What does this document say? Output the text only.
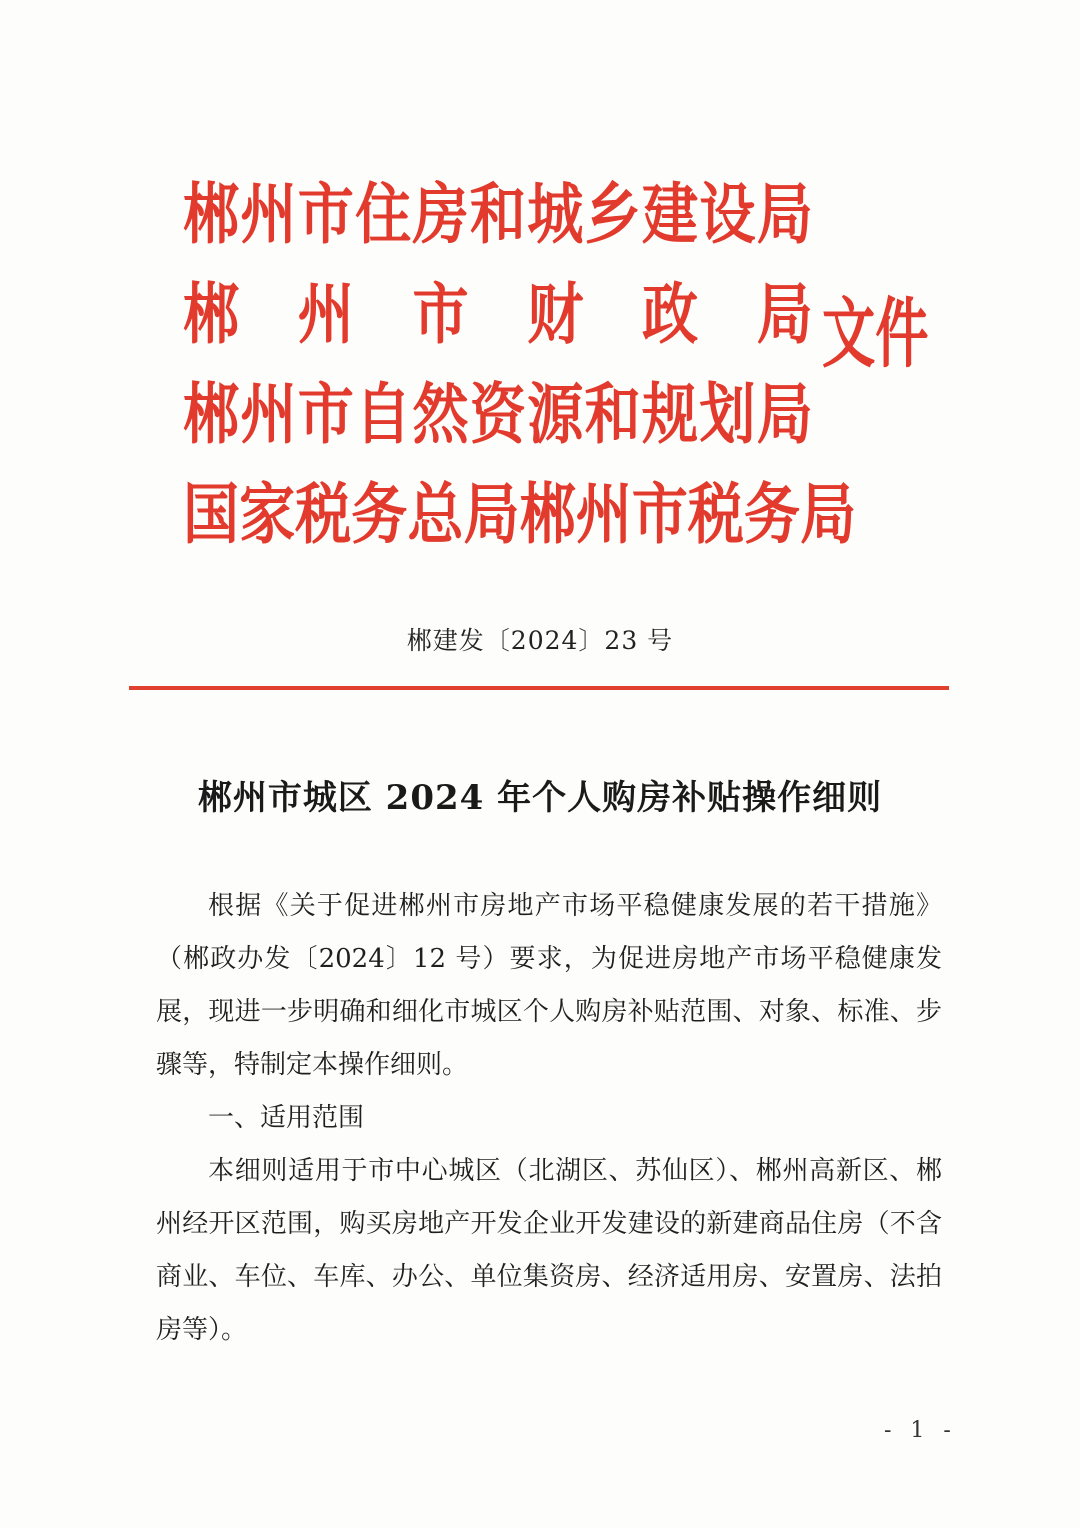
郴 州 市 住 房 和 城 乡 建 设 局
郴 州 市 财 政 局
郴 州 市 自 然 资 源 和 规 划 局
国 家 税 务 总 局 郴 州 市 税 务 局
文件
郴建发〔2024〕23 号
郴州市城区 2024 年个人购房补贴操作细则

根据《关于促进郴州市房地产市场平稳健康发展的若干措施》（郴政办发〔2024〕12 号）要求，为促进房地产市场平稳健康发展，现进一步明确和细化市城区个人购房补贴范围、对象、标准、步骤等，特制定本操作细则。

一、适用范围

本细则适用于市中心城区（北湖区、苏仙区）、郴州高新区、郴州经开区范围，购买房地产开发企业开发建设的新建商品住房（不含商业、车位、车库、办公、单位集资房、经济适用房、安置房、法拍房等）。

- 1 -
